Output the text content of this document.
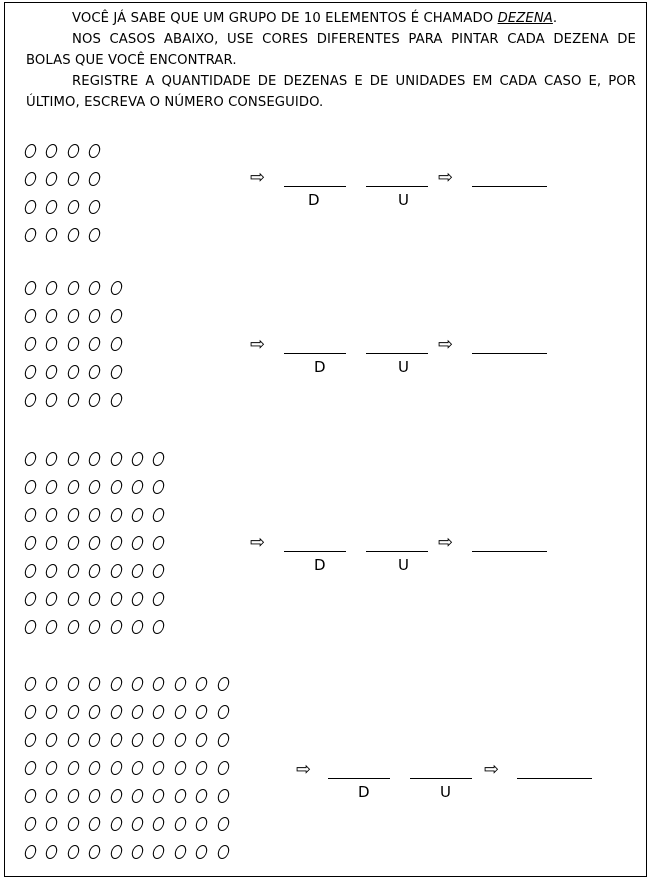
VOCÊ JÁ SABE QUE UM GRUPO DE 10 ELEMENTOS É CHAMADO DEZENA.

NOS CASOS ABAIXO, USE CORES DIFERENTES PARA PINTAR CADA DEZENA DE BOLAS QUE VOCÊ ENCONTRAR.

REGISTRE A QUANTIDADE DE DEZENAS E DE UNIDADES EM CADA CASO E, POR ÚLTIMO, ESCREVA O NÚMERO CONSEGUIDO.

⇨	⇨
D	U
⇨	⇨
D	U
⇨	⇨
D	U
⇨	⇨
D	U
